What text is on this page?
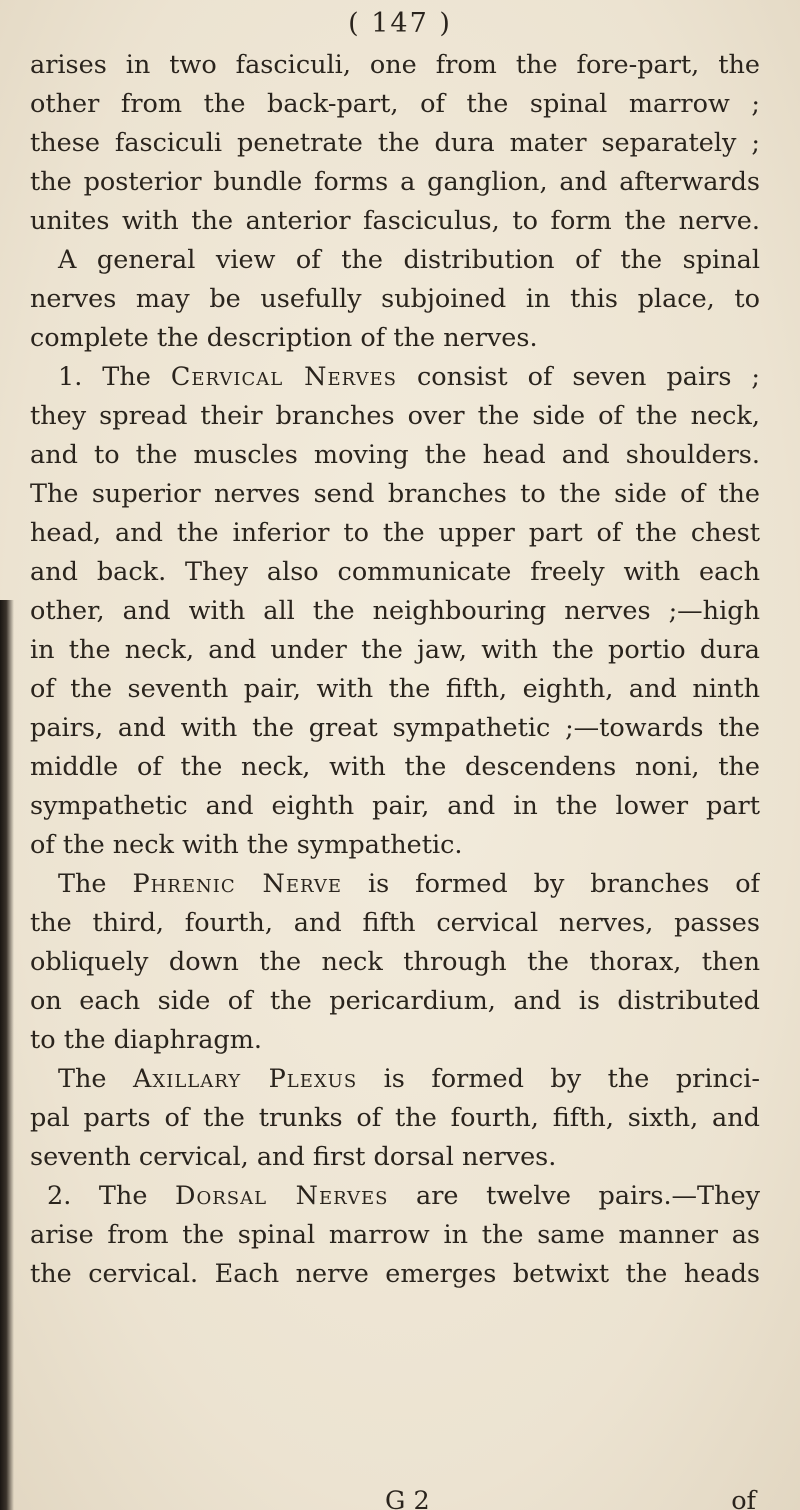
( 147 )
arises in two fasciculi, one from the fore-part, the
other from the back-part, of the spinal marrow ;
these fasciculi penetrate the dura mater separately ;
the posterior bundle forms a ganglion, and afterwards
unites with the anterior fasciculus, to form the nerve.
A general view of the distribution of the spinal
nerves may be usefully subjoined in this place, to
complete the description of the nerves.
1. The Cervical Nerves consist of seven pairs ;
they spread their branches over the side of the neck,
and to the muscles moving the head and shoulders.
The superior nerves send branches to the side of the
head, and the inferior to the upper part of the chest
and back. They also communicate freely with each
other, and with all the neighbouring nerves ;—high
in the neck, and under the jaw, with the portio dura
of the seventh pair, with the fifth, eighth, and ninth
pairs, and with the great sympathetic ;—towards the
middle of the neck, with the descendens noni, the
sympathetic and eighth pair, and in the lower part
of the neck with the sympathetic.
The Phrenic Nerve is formed by branches of
the third, fourth, and fifth cervical nerves, passes
obliquely down the neck through the thorax, then
on each side of the pericardium, and is distributed
to the diaphragm.
The Axillary Plexus is formed by the princi-
pal parts of the trunks of the fourth, fifth, sixth, and
seventh cervical, and first dorsal nerves.
2. The Dorsal Nerves are twelve pairs.—They
arise from the spinal marrow in the same manner as
the cervical. Each nerve emerges betwixt the heads
G 2	of
